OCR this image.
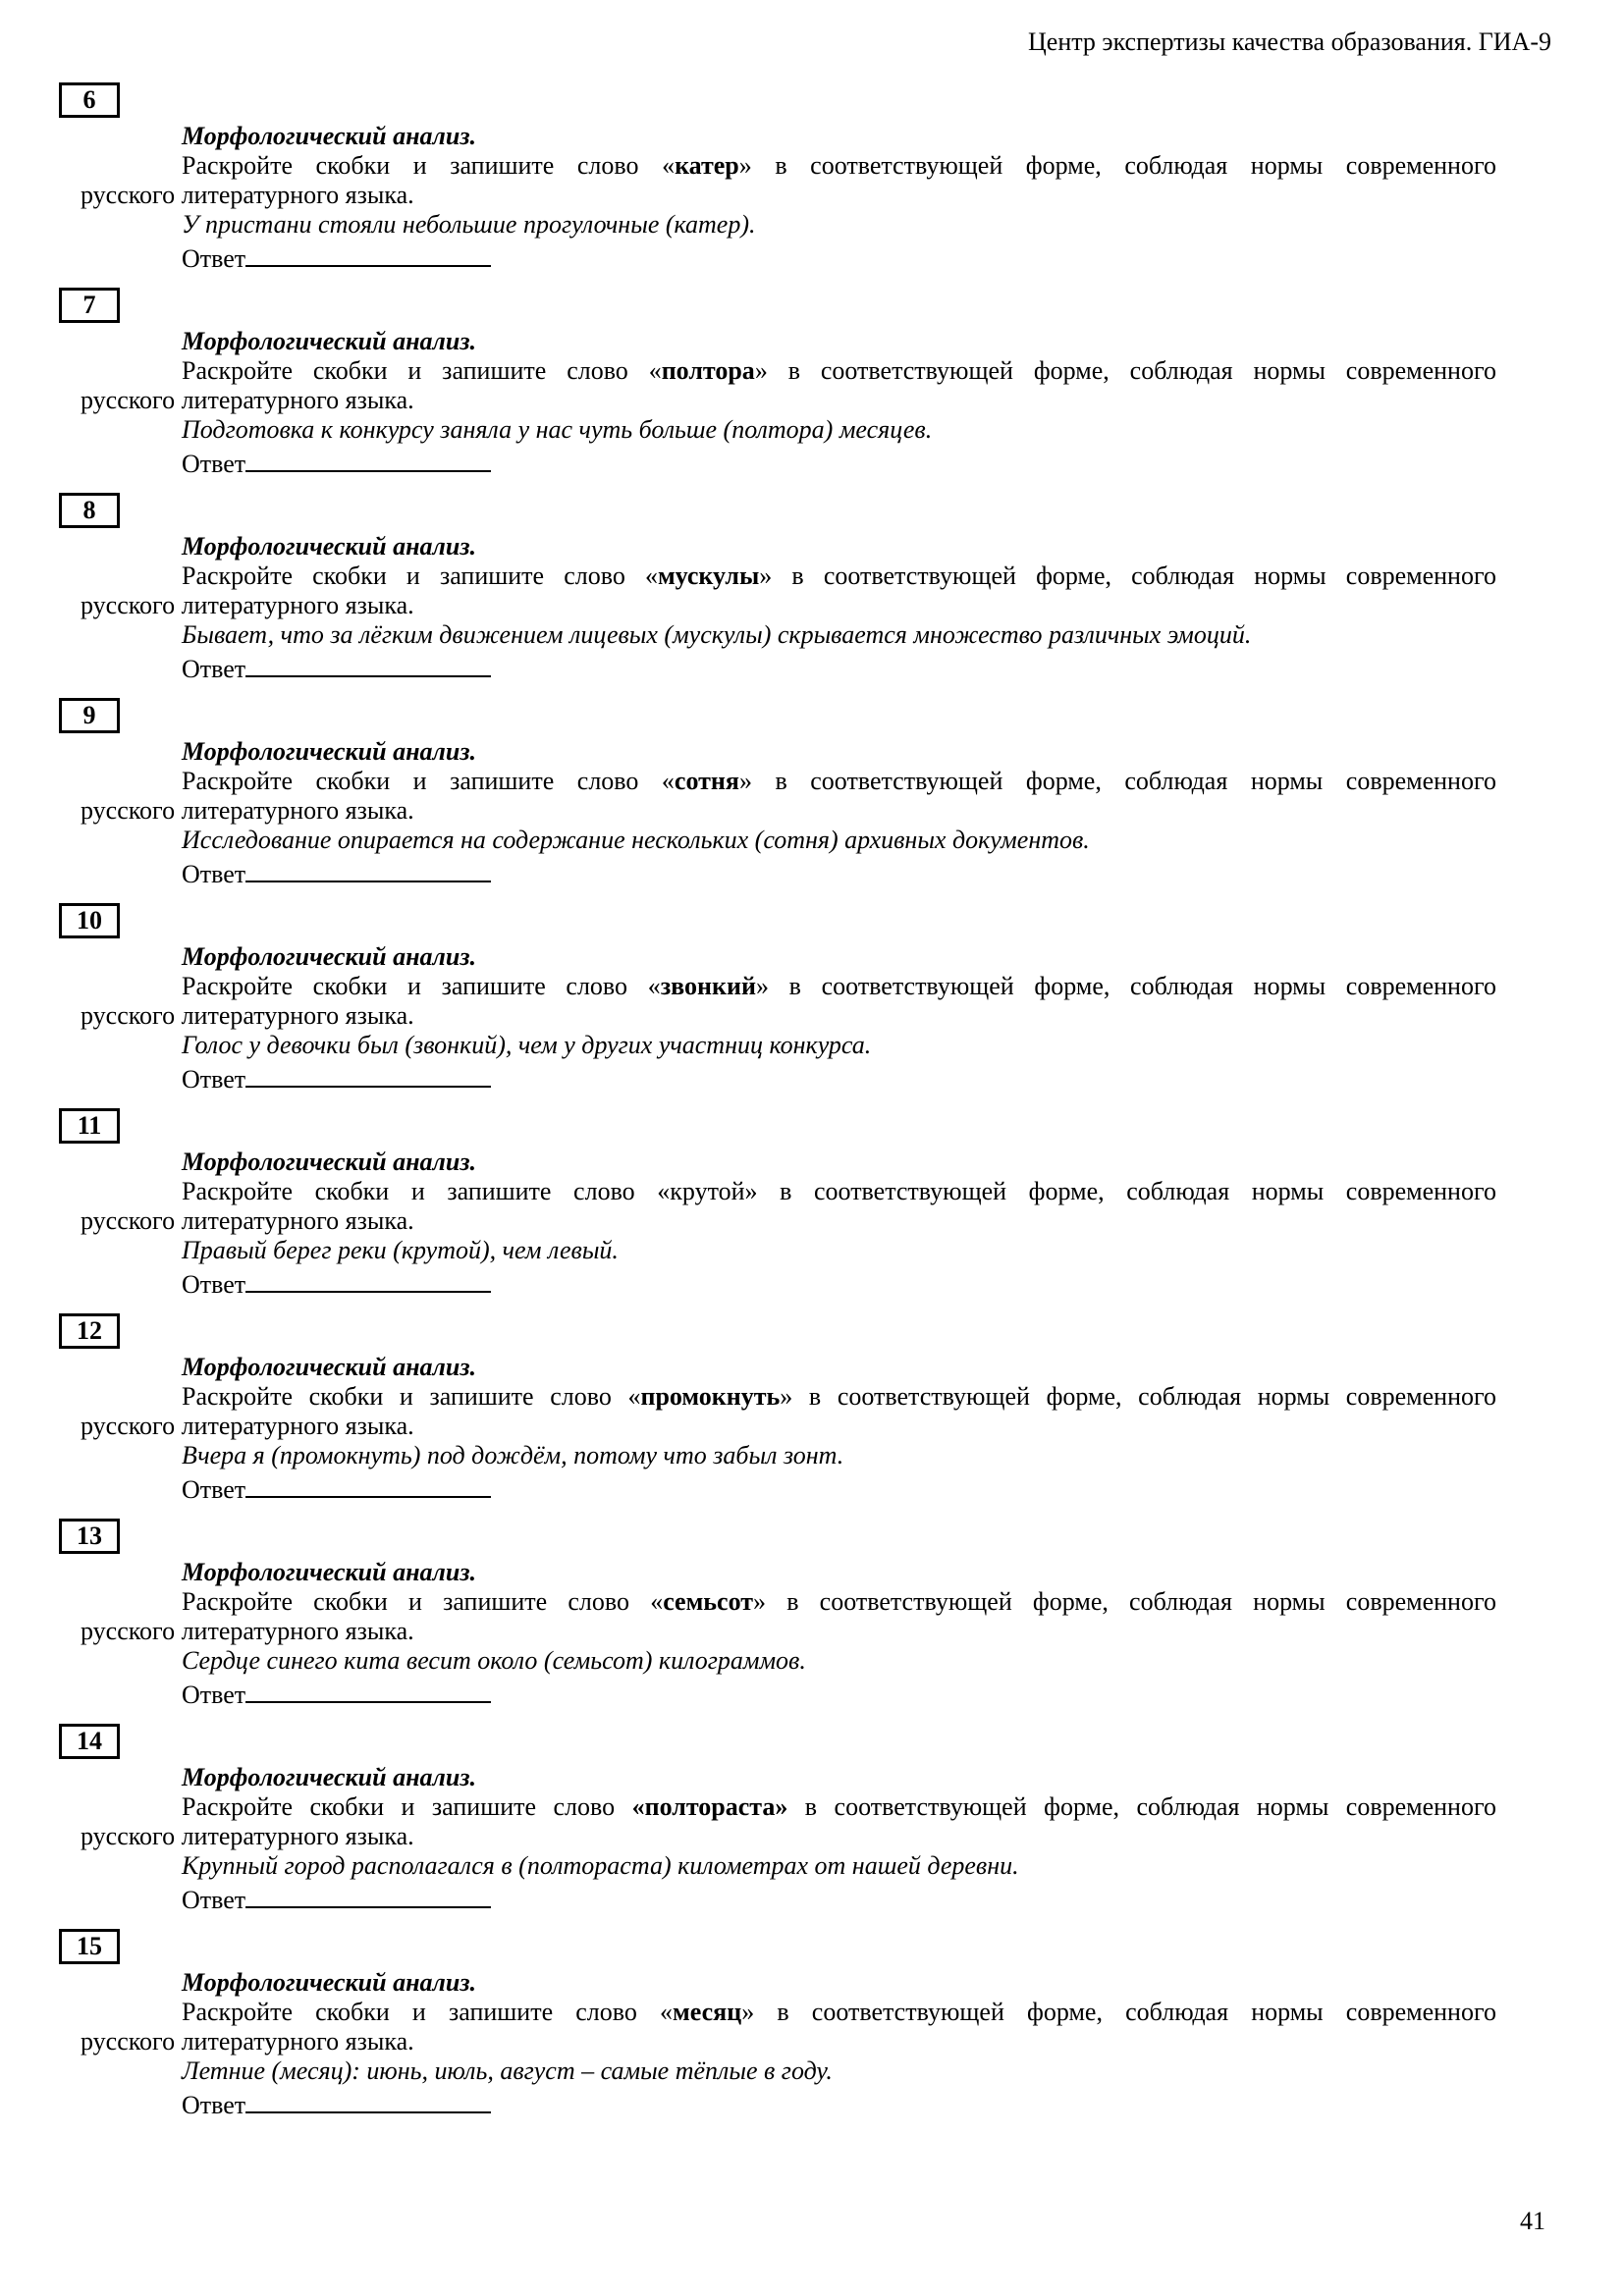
Центр экспертизы качества образования. ГИА-9
6

Морфологический анализ.

Раскройте скобки и запишите слово «катер» в соответствующей форме, соблюдая нормы современного

русского литературного языка.

У пристани стояли небольшие прогулочные (катер).

Ответ

7

Морфологический анализ.

Раскройте скобки и запишите слово «полтора» в соответствующей форме, соблюдая нормы современного

русского литературного языка.

Подготовка к конкурсу заняла у нас чуть больше (полтора) месяцев.

Ответ

8

Морфологический анализ.

Раскройте скобки и запишите слово «мускулы» в соответствующей форме, соблюдая нормы современного

русского литературного языка.

Бывает, что за лёгким движением лицевых (мускулы) скрывается множество различных эмоций.

Ответ

9

Морфологический анализ.

Раскройте скобки и запишите слово «сотня» в соответствующей форме, соблюдая нормы современного

русского литературного языка.

Исследование опирается на содержание нескольких (сотня) архивных документов.

Ответ

10

Морфологический анализ.

Раскройте скобки и запишите слово «звонкий» в соответствующей форме, соблюдая нормы современного

русского литературного языка.

Голос у девочки был (звонкий), чем у других участниц конкурса.

Ответ

11

Морфологический анализ.

Раскройте скобки и запишите слово «крутой» в соответствующей форме, соблюдая нормы современного

русского литературного языка.

Правый берег реки (крутой), чем левый.

Ответ

12

Морфологический анализ.

Раскройте скобки и запишите слово «промокнуть» в соответствующей форме, соблюдая нормы современного

русского литературного языка.

Вчера я (промокнуть) под дождём, потому что забыл зонт.

Ответ

13

Морфологический анализ.

Раскройте скобки и запишите слово «семьсот» в соответствующей форме, соблюдая нормы современного

русского литературного языка.

Сердце синего кита весит около (семьсот) килограммов.

Ответ

14

Морфологический анализ.

Раскройте скобки и запишите слово «полтораста» в соответствующей форме, соблюдая нормы современного

русского литературного языка.

Крупный город располагался в (полтораста) километрах от нашей деревни.

Ответ

15

Морфологический анализ.

Раскройте скобки и запишите слово «месяц» в соответствующей форме, соблюдая нормы современного

русского литературного языка.

Летние (месяц): июнь, июль, август – самые тёплые в году.

Ответ

41
